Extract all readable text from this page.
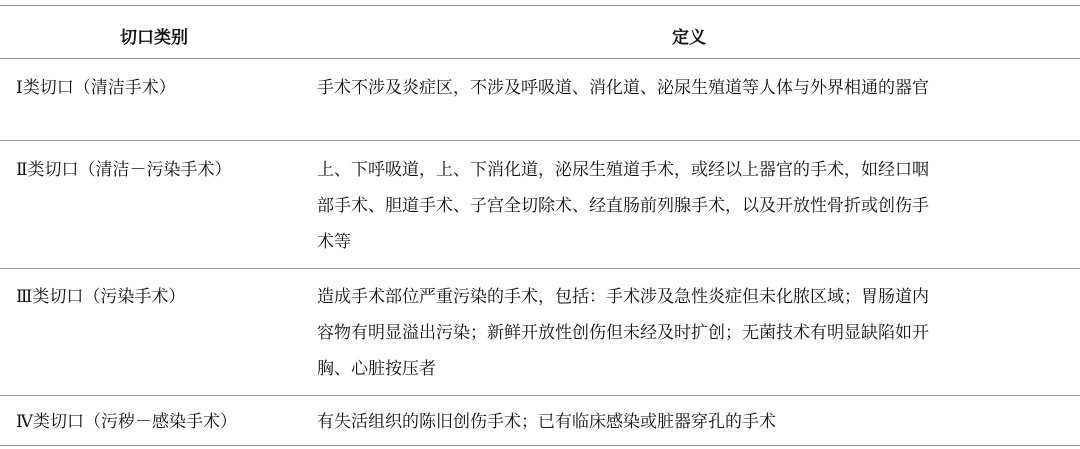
切口类别	定义
Ⅰ类切口（清洁手术）	手术不涉及炎症区，不涉及呼吸道、消化道、泌尿生殖道等人体与外界相通的器官
Ⅱ类切口（清洁－污染手术）	上、下呼吸道，上、下消化道，泌尿生殖道手术，或经以上器官的手术，如经口咽
部手术、胆道手术、子宫全切除术、经直肠前列腺手术，以及开放性骨折或创伤手
术等
Ⅲ类切口（污染手术）	造成手术部位严重污染的手术，包括：手术涉及急性炎症但未化脓区域；胃肠道内
容物有明显溢出污染；新鲜开放性创伤但未经及时扩创；无菌技术有明显缺陷如开
胸、心脏按压者
Ⅳ类切口（污秽－感染手术）	有失活组织的陈旧创伤手术；已有临床感染或脏器穿孔的手术
